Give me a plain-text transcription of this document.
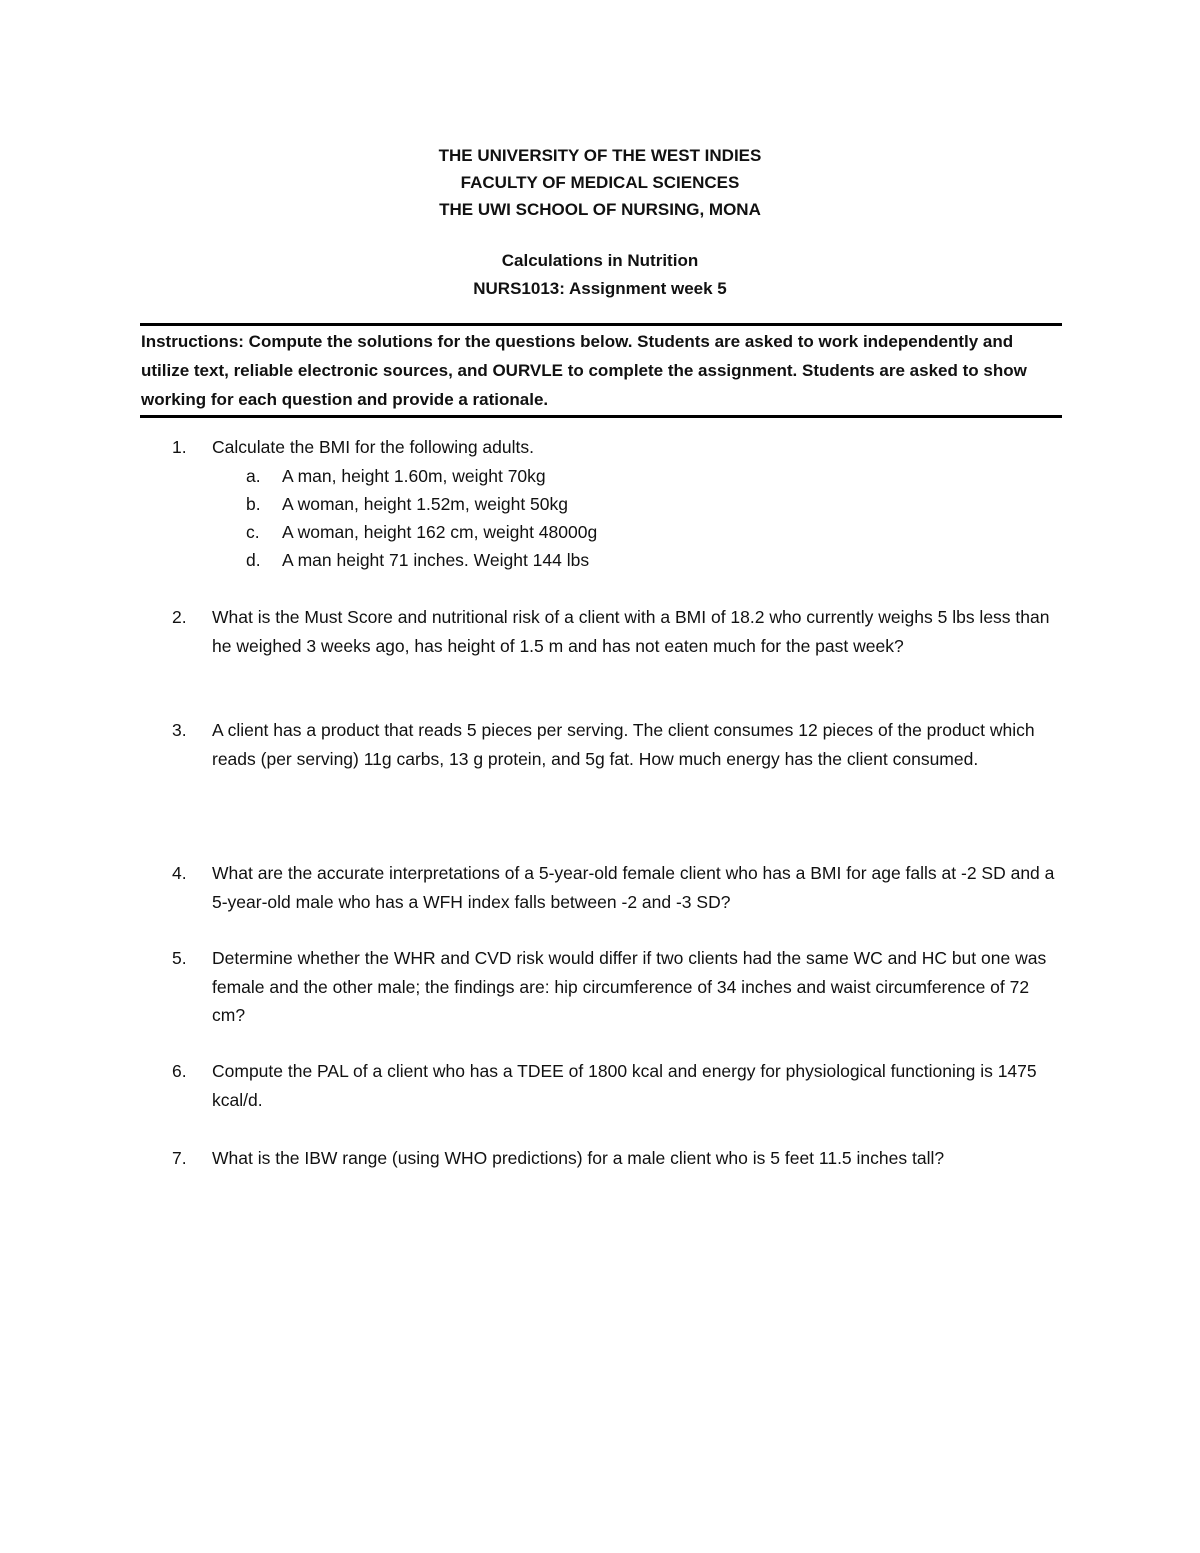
THE UNIVERSITY OF THE WEST INDIES
FACULTY OF MEDICAL SCIENCES
THE UWI SCHOOL OF NURSING, MONA
Calculations in Nutrition
NURS1013: Assignment week 5
Instructions: Compute the solutions for the questions below. Students are asked to work independently and utilize text, reliable electronic sources, and OURVLE to complete the assignment. Students are asked to show working for each question and provide a rationale.
1.	Calculate the BMI for the following adults.
a.	A man, height 1.60m, weight 70kg
b.	A woman, height 1.52m, weight 50kg
c.	A woman, height 162 cm, weight 48000g
d.	A man height 71 inches. Weight 144 lbs
2.	What is the Must Score and nutritional risk of a client with a BMI of 18.2 who currently weighs 5 lbs less than he weighed 3 weeks ago, has height of 1.5 m and has not eaten much for the past week?
3.	A client has a product that reads 5 pieces per serving. The client consumes 12 pieces of the product which reads (per serving) 11g carbs, 13 g protein, and 5g fat. How much energy has the client consumed.
4.	What are the accurate interpretations of a 5-year-old female client who has a BMI for age falls at -2 SD and a 5-year-old male who has a WFH index falls between -2 and -3 SD?
5.	Determine whether the WHR and CVD risk would differ if two clients had the same WC and HC but one was female and the other male; the findings are: hip circumference of 34 inches and waist circumference of 72 cm?
6.	Compute the PAL of a client who has a TDEE of 1800 kcal and energy for physiological functioning is 1475 kcal/d.
7.	What is the IBW range (using WHO predictions) for a male client who is 5 feet 11.5 inches tall?
